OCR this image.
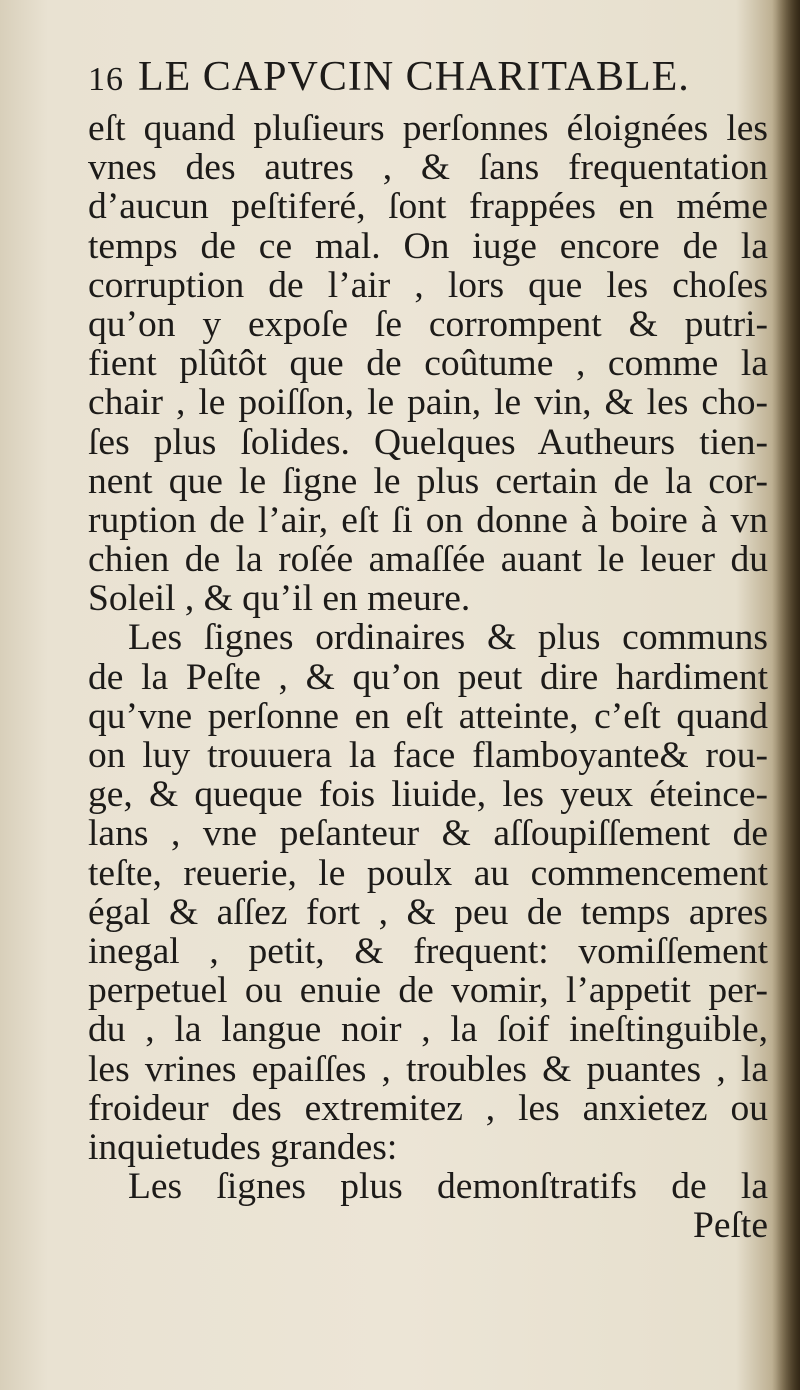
16 LE CAPVCIN CHARITABLE.
eſt quand pluſieurs perſonnes éloignées les
vnes des autres , & ſans frequentation
d’aucun peſtiferé, ſont frappées en méme
temps de ce mal. On iuge encore de la
corruption de l’air , lors que les choſes
qu’on y expoſe ſe corrompent & putri-
fient plûtôt que de coûtume , comme la
chair , le poiſſon, le pain, le vin, & les cho-
ſes plus ſolides. Quelques Autheurs tien-
nent que le ſigne le plus certain de la cor-
ruption de l’air, eſt ſi on donne à boire à vn
chien de la roſée amaſſée auant le leuer du
Soleil , & qu’il en meure.
Les ſignes ordinaires & plus communs
de la Peſte , & qu’on peut dire hardiment
qu’vne perſonne en eſt atteinte, c’eſt quand
on luy trouuera la face flamboyante& rou-
ge, & queque fois liuide, les yeux éteince-
lans , vne peſanteur & aſſoupiſſement de
teſte, reuerie, le poulx au commencement
égal & aſſez fort , & peu de temps apres
inegal , petit, & frequent: vomiſſement
perpetuel ou enuie de vomir, l’appetit per-
du , la langue noir , la ſoif ineſtinguible,
les vrines epaiſſes , troubles & puantes , la
froideur des extremitez , les anxietez ou
inquietudes grandes:
Les ſignes plus demonſtratifs de la
Peſte
